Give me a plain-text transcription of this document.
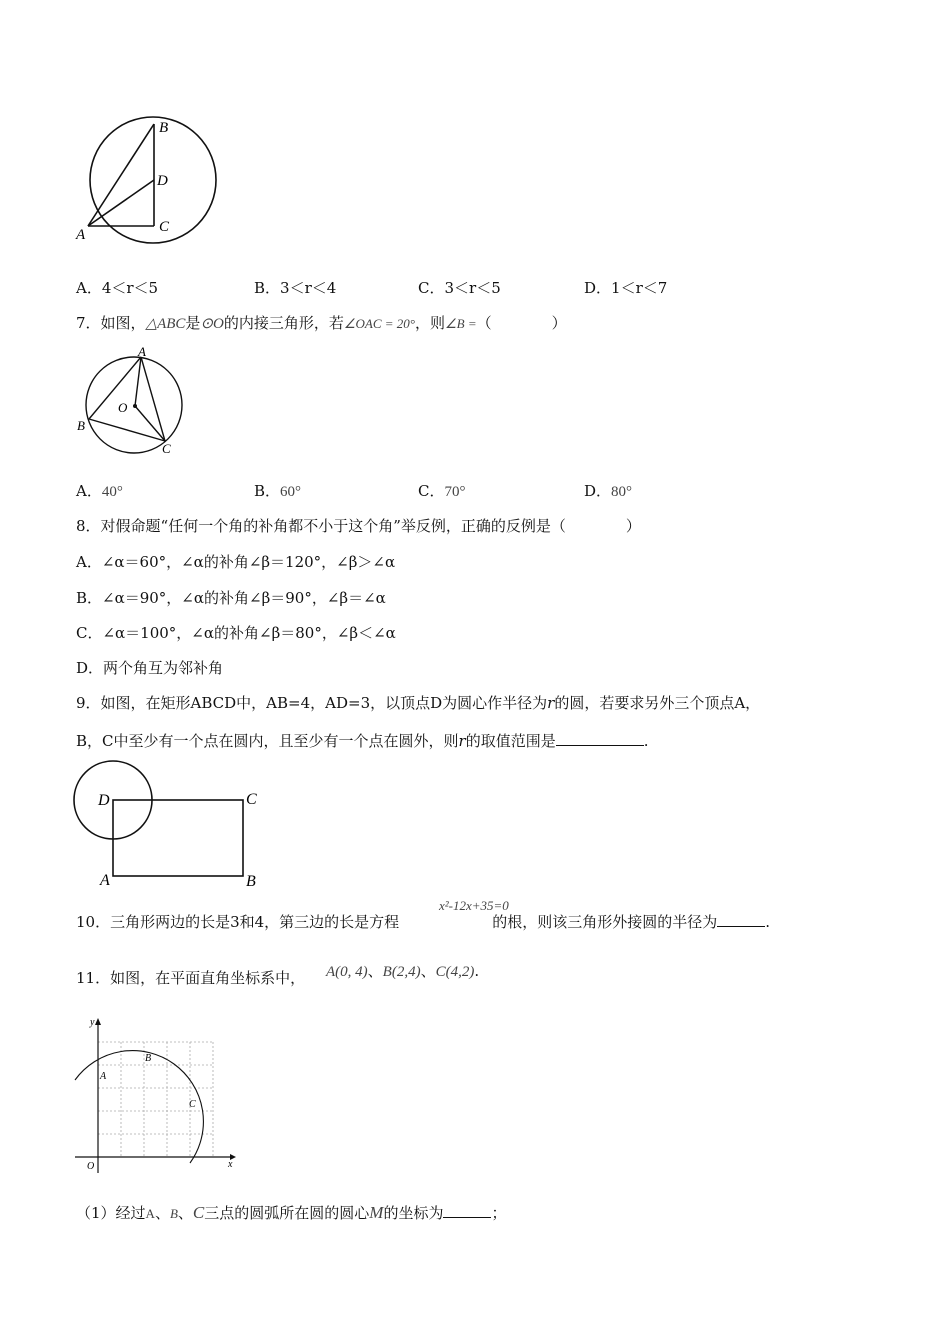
B
D
A	C
A．4＜r＜5	B．3＜r＜4	C．3＜r＜5	D．1＜r＜7
7．如图，△ABC是⊙O的内接三角形，若∠OAC = 20°，则∠B =（　　　　）
A
O
B
C
A．40°	B．60°	C．70°	D．80°
8．对假命题“任何一个角的补角都不小于这个角”举反例，正确的反例是（　　　　）
A．∠α＝60°，∠α的补角∠β＝120°，∠β＞∠α
B．∠α＝90°，∠α的补角∠β＝90°，∠β＝∠α
C．∠α＝100°，∠α的补角∠β＝80°，∠β＜∠α
D．两个角互为邻补角
9．如图，在矩形ABCD中，AB=4，AD=3，以顶点D为圆心作半径为r的圆，若要求另外三个顶点A，
B，C中至少有一个点在圆内，且至少有一个点在圆外，则r的取值范围是	.
D	C
A	B
x²-12x+35=0
10．三角形两边的长是3和4，第三边的长是方程	的根，则该三角形外接圆的半径为	.
11．如图，在平面直角坐标系中， A(0, 4)、B(2,4)、C(4,2).
y
x
O
A
B
C
（1）经过A、B、C三点的圆弧所在圆的圆心M的坐标为	；
